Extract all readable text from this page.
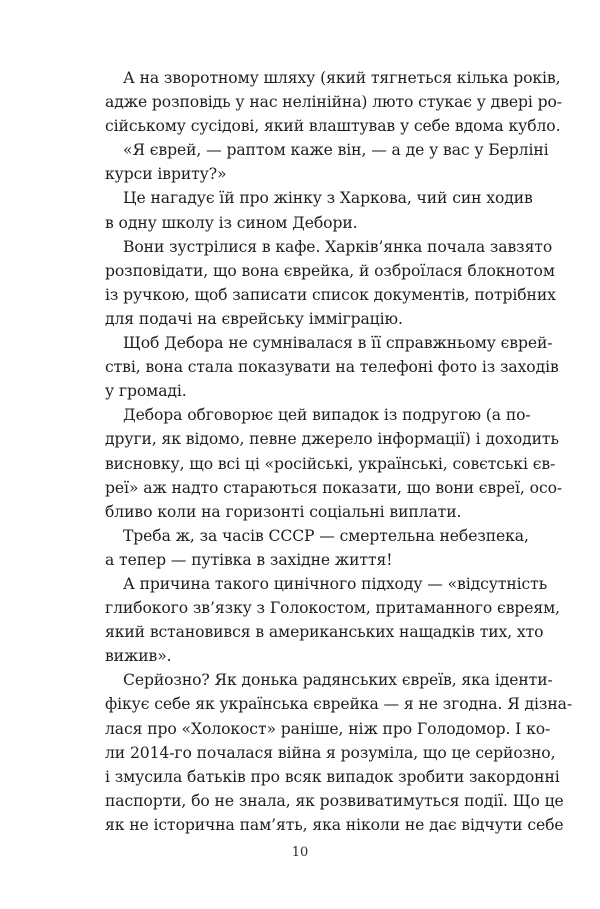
А на зворотному шляху (який тягнеться кілька років,
адже розповідь у нас нелінійна) люто стукає у двері ро-
сійському сусідові, який влаштував у себе вдома кубло.
«Я єврей, — раптом каже він, — а де у вас у Берліні
курси івриту?»
Це нагадує їй про жінку з Харкова, чий син ходив
в одну школу із сином Дебори.
Вони зустрілися в кафе. Харків’янка почала завзято
розповідати, що вона єврейка, й озброїлася блокнотом
із ручкою, щоб записати список документів, потрібних
для подачі на єврейську імміграцію.
Щоб Дебора не сумнівалася в її справжньому єврей-
стві, вона стала показувати на телефоні фото із заходів
у громаді.
Дебора обговорює цей випадок із подругою (а по-
други, як відомо, певне джерело інформації) і доходить
висновку, що всі ці «російські, українські, совєтські єв-
реї» аж надто стараються показати, що вони євреї, осо-
бливо коли на горизонті соціальні виплати.
Треба ж, за часів СССР — смертельна небезпека,
а тепер — путівка в західне життя!
А причина такого цинічного підходу — «відсутність
глибокого зв’язку з Голокостом, притаманного євреям,
який встановився в американських нащадків тих, хто
вижив».
Серйозно? Як донька радянських євреїв, яка іденти-
фікує себе як українська єврейка — я не згодна. Я дізна-
лася про «Холокост» раніше, ніж про Голодомор. І ко-
ли 2014-го почалася війна я розуміла, що це серйозно,
і змусила батьків про всяк випадок зробити закордонні
паспорти, бо не знала, як розвиватимуться події. Що це
як не історична пам’ять, яка ніколи не дає відчути себе
10
